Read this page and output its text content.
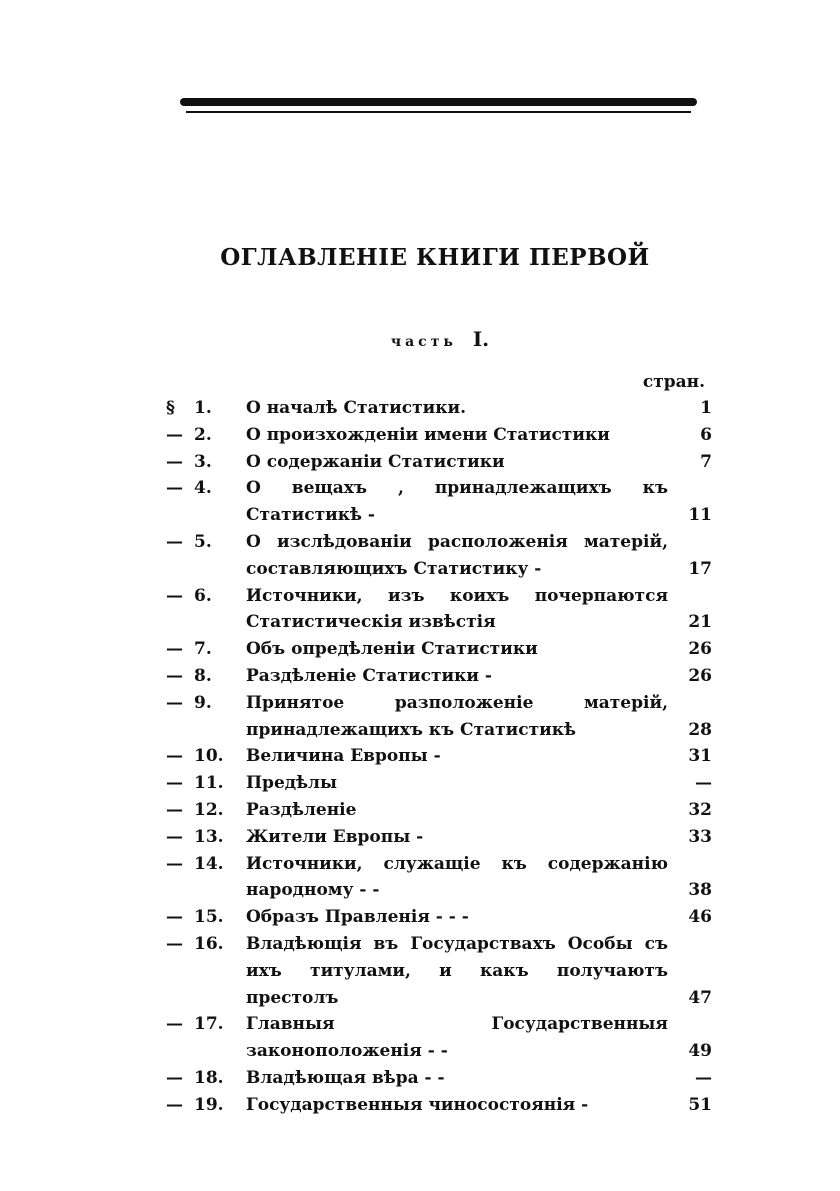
ОГЛАВЛЕНІЕ КНИГИ ПЕРВОЙ
часть I.
стран.
§	1.	О началѣ Статистики.	1
— 2.	О произхожденіи имени Статистики	6
— 3.	О содержаніи Статистики	7
— 4.	О вещахъ , принадлежащихъ къ Статистикѣ -	11
— 5.	О изслѣдованіи расположенія матерій, составляющихъ Статистику -	17
— 6.	Источники, изъ коихъ почерпаются Статистическія извѣстія	21
— 7.	Объ опредѣленіи Статистики	26
— 8.	Раздѣленіе Статистики -	26
— 9.	Принятое разположеніе матерій, принадлежащихъ къ Статистикѣ	28
— 10.	Величина Европы -	31
— 11.	Предѣлы	—
— 12.	Раздѣленіе	32
— 13.	Жители Европы -	33
— 14.	Источники, служащіе къ содержанію народному - -	38
— 15.	Образъ Правленія - - -	46
— 16.	Владѣющія въ Государствахъ Особы съ ихъ титулами, и какъ получаютъ престолъ	47
— 17.	Главныя Государственныя законоположенія - -	49
— 18.	Владѣющая вѣра - -	—
— 19.	Государственныя чиносостоянія -	51
